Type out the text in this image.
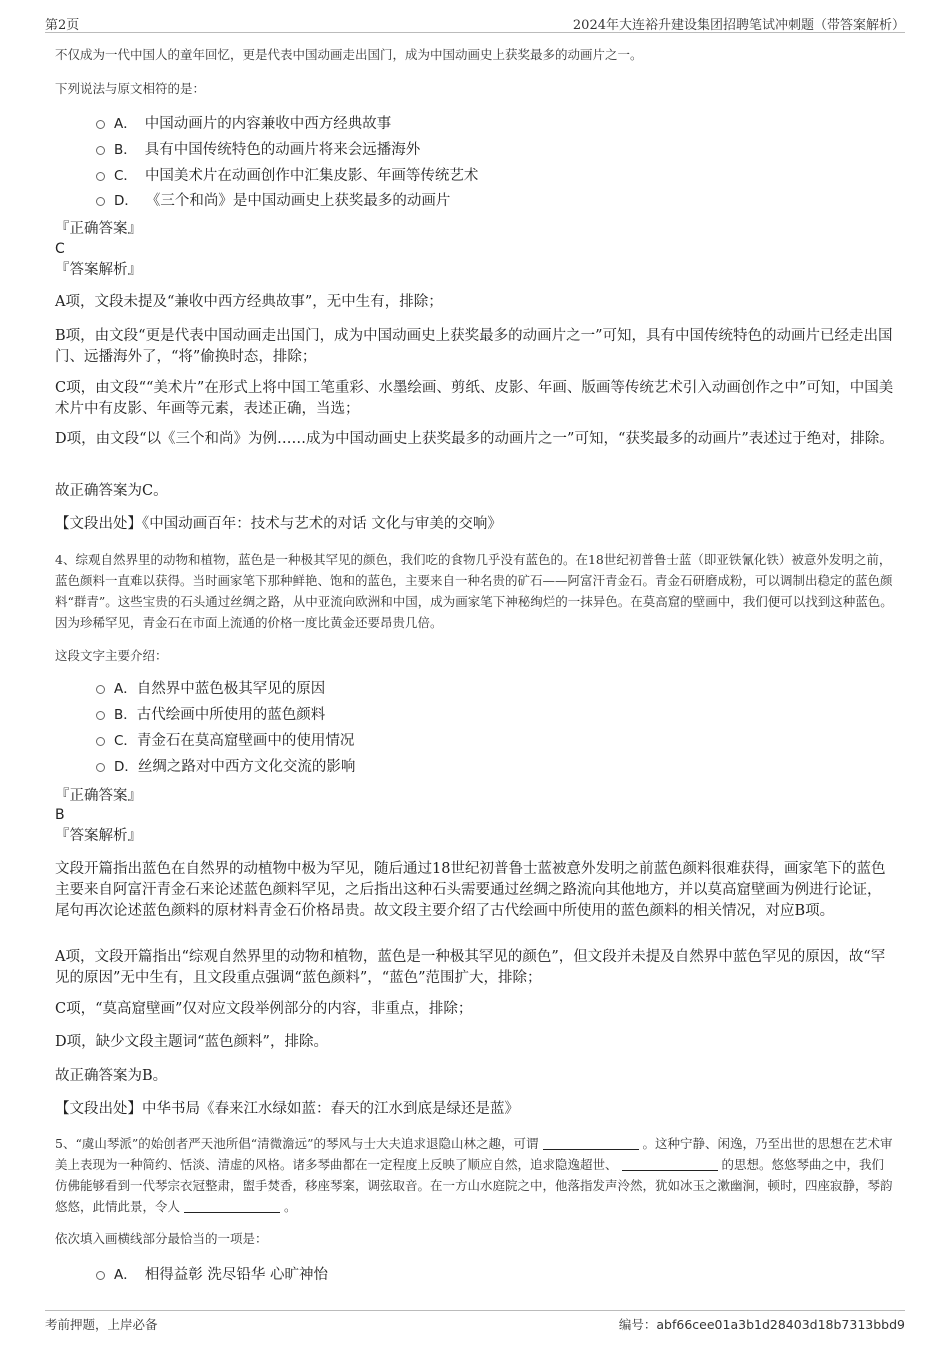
第2页	2024年大连裕升建设集团招聘笔试冲刺题（带答案解析）
不仅成为一代中国人的童年回忆，更是代表中国动画走出国门，成为中国动画史上获奖最多的动画片之一。
下列说法与原文相符的是：
A． 中国动画片的内容兼收中西方经典故事
B． 具有中国传统特色的动画片将来会远播海外
C． 中国美术片在动画创作中汇集皮影、年画等传统艺术
D． 《三个和尚》是中国动画史上获奖最多的动画片
『正确答案』
C
『答案解析』
A项，文段未提及“兼收中西方经典故事”，无中生有，排除；
B项，由文段“更是代表中国动画走出国门，成为中国动画史上获奖最多的动画片之一”可知，具有中国传统特色的动画片已经走出国门、远播海外了，“将”偷换时态，排除；
C项，由文段““美术片”在形式上将中国工笔重彩、水墨绘画、剪纸、皮影、年画、版画等传统艺术引入动画创作之中”可知，中国美术片中有皮影、年画等元素，表述正确，当选；
D项，由文段“以《三个和尚》为例……成为中国动画史上获奖最多的动画片之一”可知，“获奖最多的动画片”表述过于绝对，排除。
故正确答案为C。
【文段出处】《中国动画百年：技术与艺术的对话 文化与审美的交响》
4、综观自然界里的动物和植物，蓝色是一种极其罕见的颜色，我们吃的食物几乎没有蓝色的。在18世纪初普鲁士蓝（即亚铁氰化铁）被意外发明之前，蓝色颜料一直难以获得。当时画家笔下那种鲜艳、饱和的蓝色，主要来自一种名贵的矿石——阿富汗青金石。青金石研磨成粉，可以调制出稳定的蓝色颜料“群青”。这些宝贵的石头通过丝绸之路，从中亚流向欧洲和中国，成为画家笔下神秘绚烂的一抹异色。在莫高窟的壁画中，我们便可以找到这种蓝色。因为珍稀罕见，青金石在市面上流通的价格一度比黄金还要昂贵几倍。
这段文字主要介绍：
A．自然界中蓝色极其罕见的原因
B．古代绘画中所使用的蓝色颜料
C．青金石在莫高窟壁画中的使用情况
D．丝绸之路对中西方文化交流的影响
『正确答案』
B
『答案解析』
文段开篇指出蓝色在自然界的动植物中极为罕见，随后通过18世纪初普鲁士蓝被意外发明之前蓝色颜料很难获得，画家笔下的蓝色主要来自阿富汗青金石来论述蓝色颜料罕见，之后指出这种石头需要通过丝绸之路流向其他地方，并以莫高窟壁画为例进行论证，尾句再次论述蓝色颜料的原材料青金石价格昂贵。故文段主要介绍了古代绘画中所使用的蓝色颜料的相关情况，对应B项。
A项，文段开篇指出“综观自然界里的动物和植物，蓝色是一种极其罕见的颜色”，但文段并未提及自然界中蓝色罕见的原因，故“罕见的原因”无中生有，且文段重点强调“蓝色颜料”，“蓝色”范围扩大，排除；
C项，“莫高窟壁画”仅对应文段举例部分的内容，非重点，排除；
D项，缺少文段主题词“蓝色颜料”，排除。
故正确答案为B。
【文段出处】中华书局《春来江水绿如蓝：春天的江水到底是绿还是蓝》
5、“虞山琴派”的始创者严天池所倡“清微澹远”的琴风与士大夫追求退隐山林之趣，可谓	。这种宁静、闲逸，乃至出世的思想在艺术审美上表现为一种简约、恬淡、清虚的风格。诸多琴曲都在一定程度上反映了顺应自然，追求隐逸超世、	的思想。悠悠琴曲之中，我们仿佛能够看到一代琴宗衣冠整肃，盥手焚香，移座琴案，调弦取音。在一方山水庭院之中，他落指发声泠然，犹如冰玉之漱幽涧，顿时，四座寂静，琴韵悠悠，此情此景，令人	。
依次填入画横线部分最恰当的一项是：
A． 相得益彰 洗尽铅华 心旷神怡
考前押题，上岸必备	编号：abf66cee01a3b1d28403d18b7313bbd9
